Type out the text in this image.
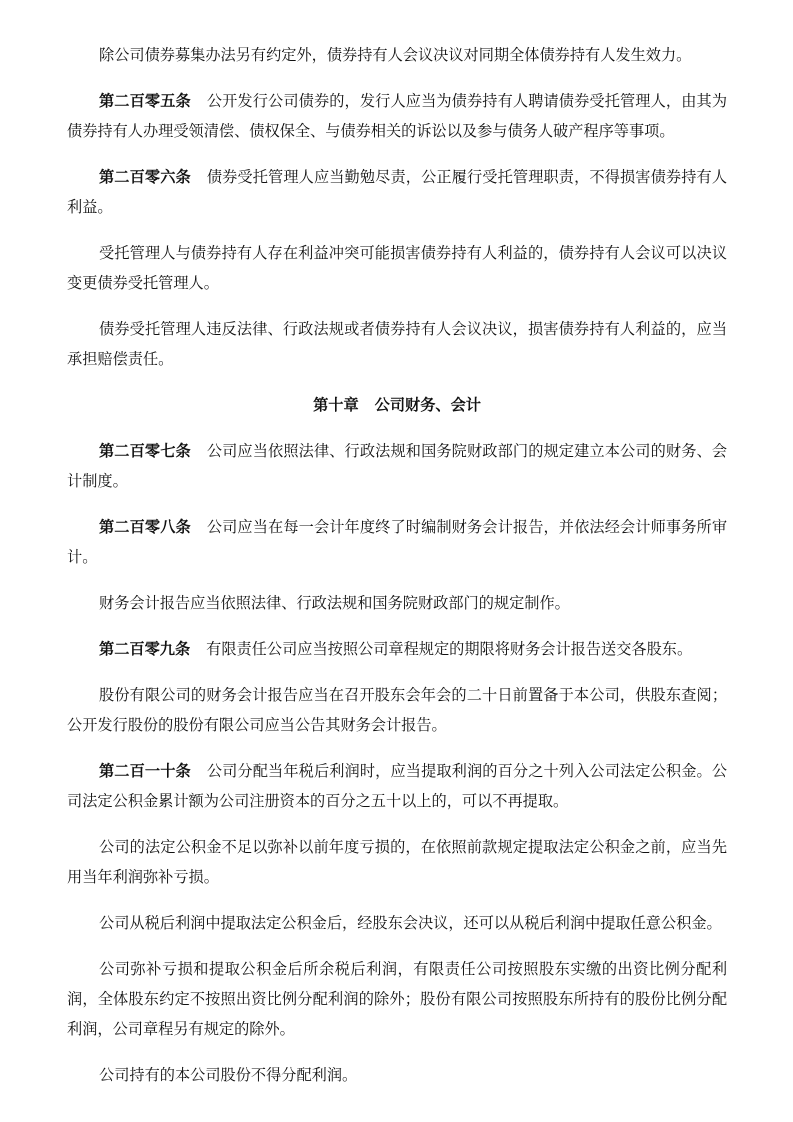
除公司债券募集办法另有约定外，债券持有人会议决议对同期全体债券持有人发生效力。

第二百零五条 公开发行公司债券的，发行人应当为债券持有人聘请债券受托管理人，由其为债券持有人办理受领清偿、债权保全、与债券相关的诉讼以及参与债务人破产程序等事项。

第二百零六条 债券受托管理人应当勤勉尽责，公正履行受托管理职责，不得损害债券持有人利益。

受托管理人与债券持有人存在利益冲突可能损害债券持有人利益的，债券持有人会议可以决议变更债券受托管理人。

债券受托管理人违反法律、行政法规或者债券持有人会议决议，损害债券持有人利益的，应当承担赔偿责任。

第十章 公司财务、会计

第二百零七条 公司应当依照法律、行政法规和国务院财政部门的规定建立本公司的财务、会计制度。

第二百零八条 公司应当在每一会计年度终了时编制财务会计报告，并依法经会计师事务所审计。

财务会计报告应当依照法律、行政法规和国务院财政部门的规定制作。

第二百零九条 有限责任公司应当按照公司章程规定的期限将财务会计报告送交各股东。

股份有限公司的财务会计报告应当在召开股东会年会的二十日前置备于本公司，供股东查阅；公开发行股份的股份有限公司应当公告其财务会计报告。

第二百一十条 公司分配当年税后利润时，应当提取利润的百分之十列入公司法定公积金。公司法定公积金累计额为公司注册资本的百分之五十以上的，可以不再提取。

公司的法定公积金不足以弥补以前年度亏损的，在依照前款规定提取法定公积金之前，应当先用当年利润弥补亏损。

公司从税后利润中提取法定公积金后，经股东会决议，还可以从税后利润中提取任意公积金。

公司弥补亏损和提取公积金后所余税后利润，有限责任公司按照股东实缴的出资比例分配利润，全体股东约定不按照出资比例分配利润的除外；股份有限公司按照股东所持有的股份比例分配利润，公司章程另有规定的除外。

公司持有的本公司股份不得分配利润。
